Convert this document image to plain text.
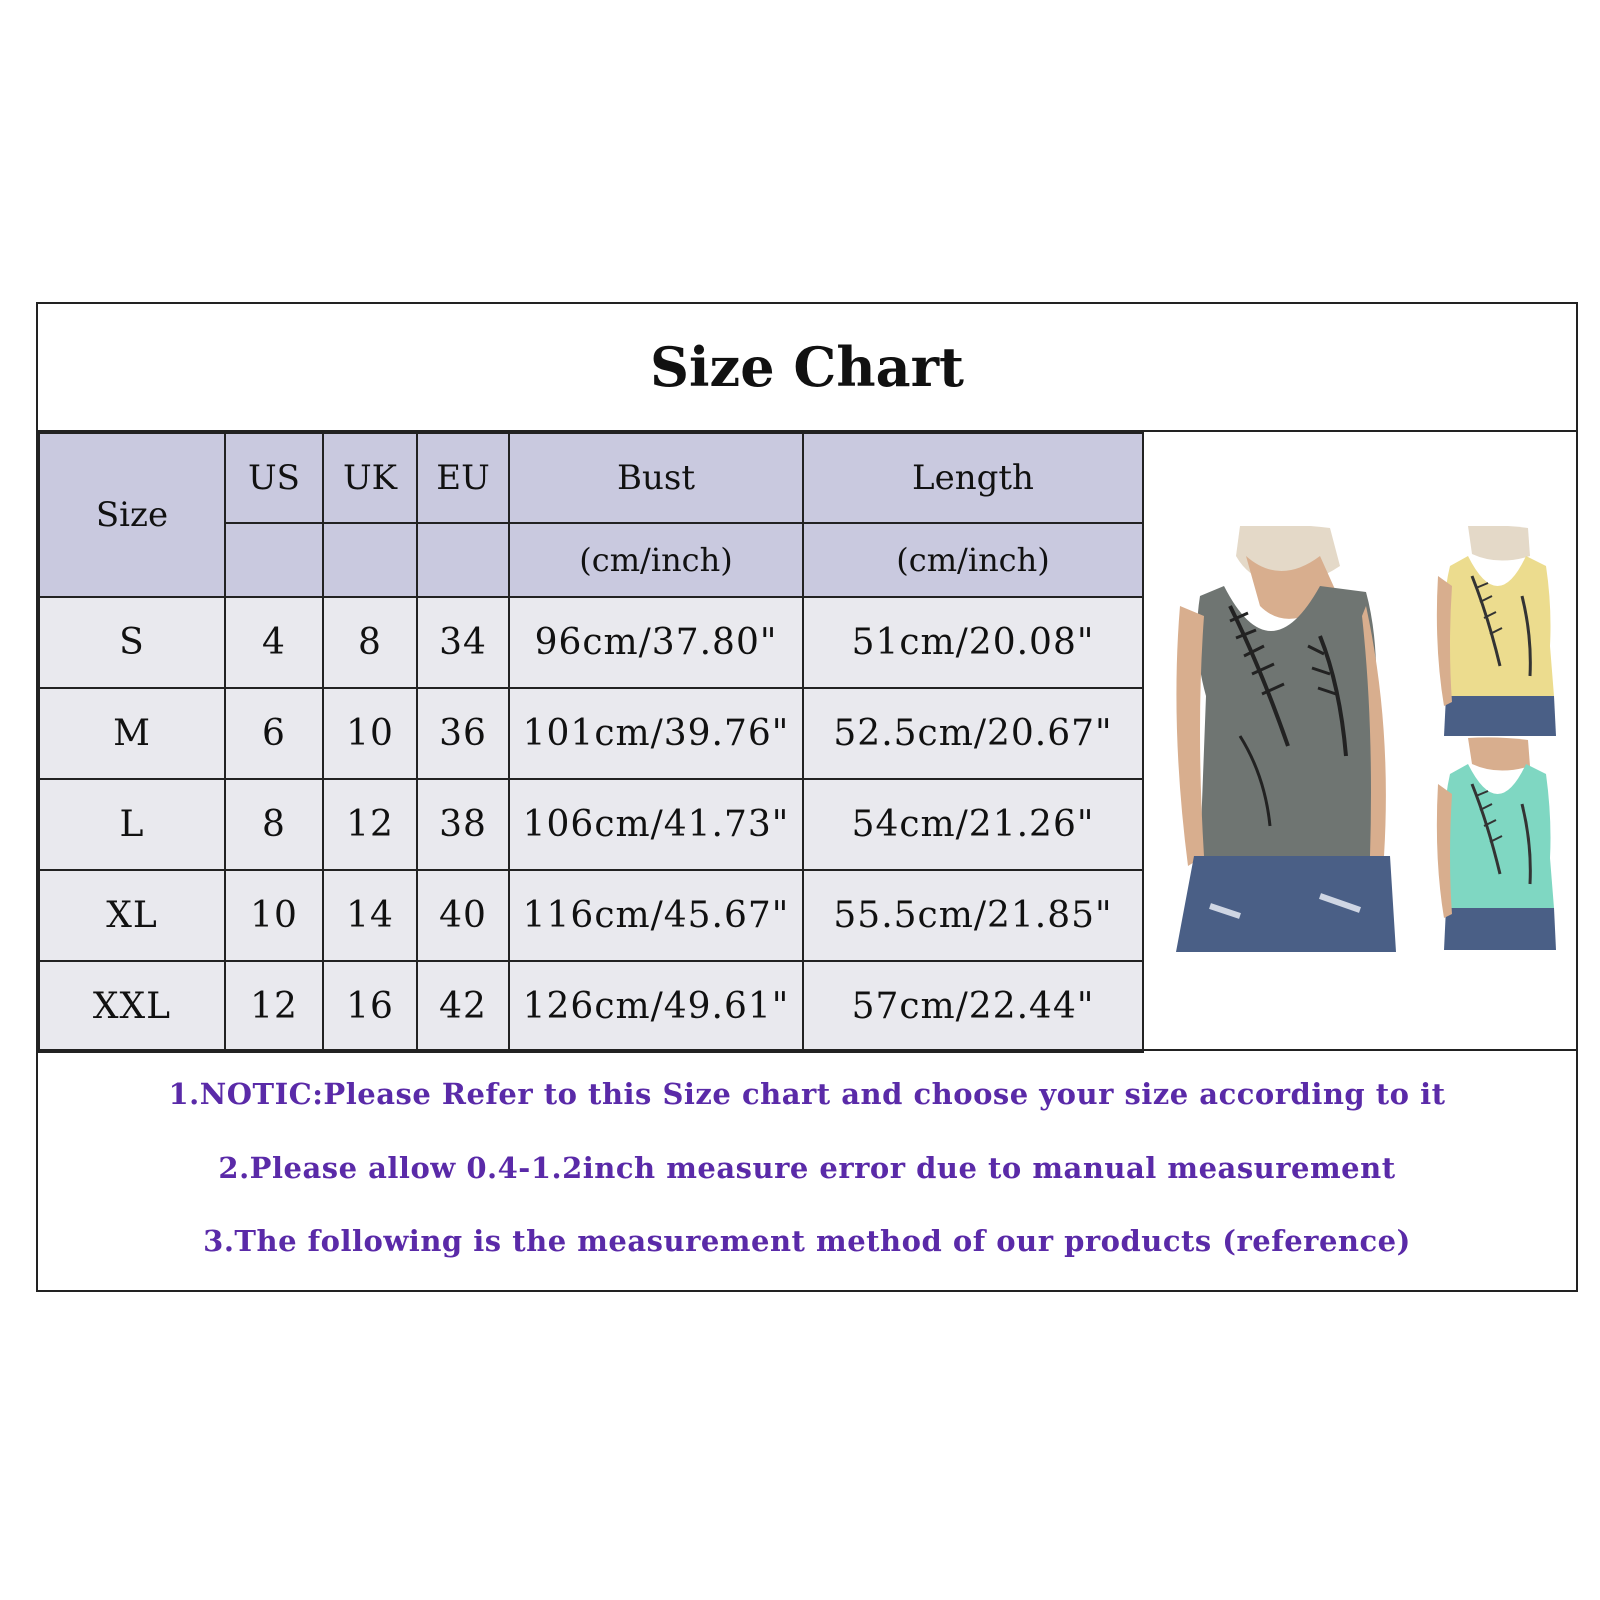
Size Chart
Size	US	UK	EU	Bust	Length
				(cm/inch)	(cm/inch)
S	4	8	34	96cm/37.80"	51cm/20.08"
M	6	10	36	101cm/39.76"	52.5cm/20.67"
L	8	12	38	106cm/41.73"	54cm/21.26"
XL	10	14	40	116cm/45.67"	55.5cm/21.85"
XXL	12	16	42	126cm/49.61"	57cm/22.44"
1.NOTIC:Please Refer to this Size chart and choose your size according to it
2.Please allow 0.4-1.2inch measure error due to manual measurement
3.The following is the measurement method of our products (reference)
